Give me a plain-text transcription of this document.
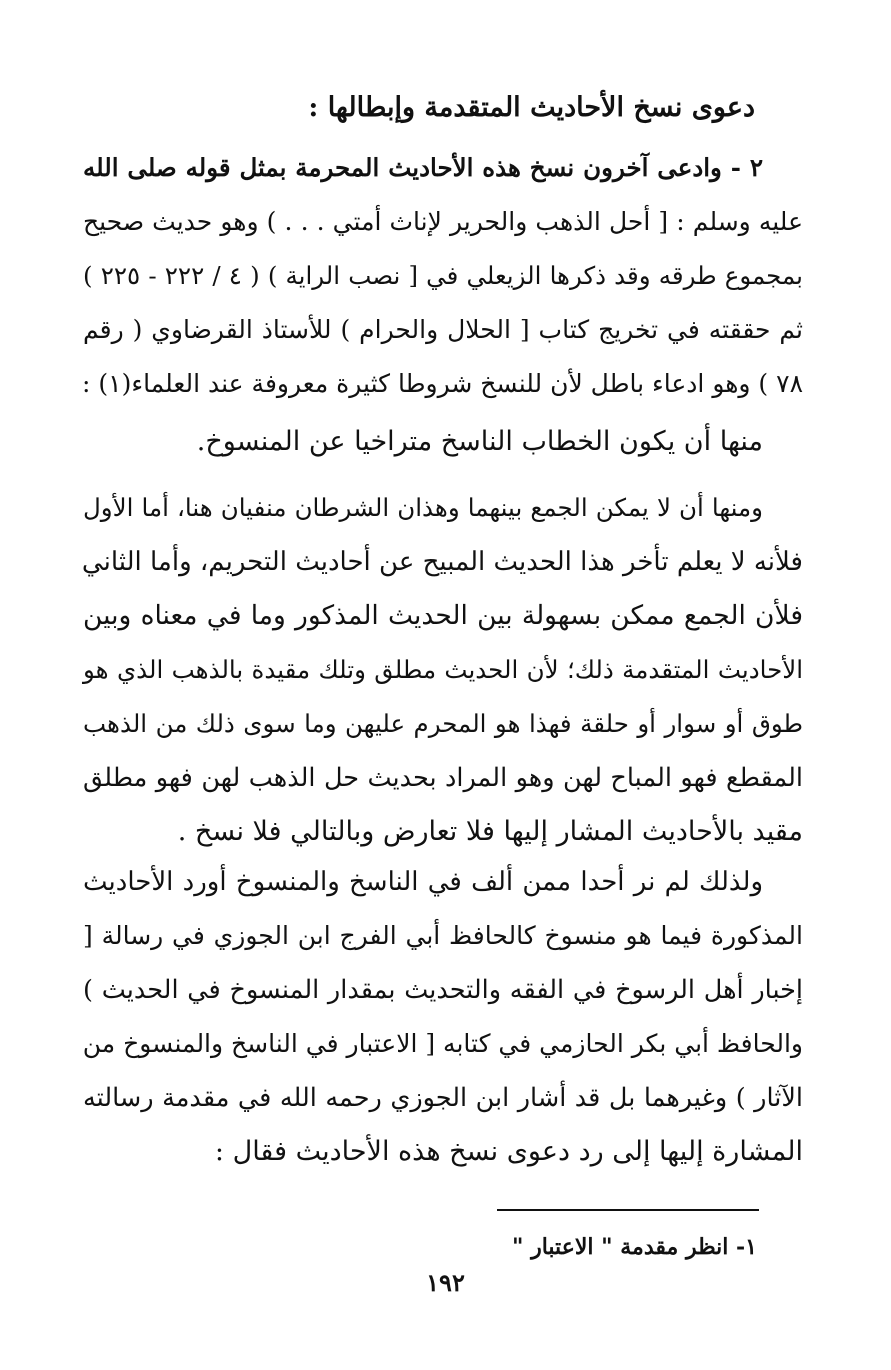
دعوى نسخ الأحاديث المتقدمة وإبطالها :
٢ - وادعى آخرون نسخ هذه الأحاديث المحرمة بمثل قوله صلى الله
عليه وسلم : [ أحل الذهب والحرير لإناث أمتي . . . ) وهو حديث صحيح
بمجموع طرقه وقد ذكرها الزيعلي في [ نصب الراية ) ( ٤ / ٢٢٢ - ٢٢٥ )
ثم حققته في تخريج كتاب [ الحلال والحرام ) للأستاذ القرضاوي ( رقم
٧٨ ) وهو ادعاء باطل لأن للنسخ شروطا كثيرة معروفة عند العلماء(١) :
منها أن يكون الخطاب الناسخ متراخيا عن المنسوخ.
ومنها أن لا يمكن الجمع بينهما وهذان الشرطان منفيان هنا، أما الأول
فلأنه لا يعلم تأخر هذا الحديث المبيح عن أحاديث التحريم، وأما الثاني
فلأن الجمع ممكن بسهولة بين الحديث المذكور وما في معناه وبين
الأحاديث المتقدمة ذلك؛ لأن الحديث مطلق وتلك مقيدة بالذهب الذي هو
طوق أو سوار أو حلقة فهذا هو المحرم عليهن وما سوى ذلك من الذهب
المقطع فهو المباح لهن وهو المراد بحديث حل الذهب لهن فهو مطلق
مقيد بالأحاديث المشار إليها فلا تعارض وبالتالي فلا نسخ .
ولذلك لم نر أحدا ممن ألف في الناسخ والمنسوخ أورد الأحاديث
المذكورة فيما هو منسوخ كالحافظ أبي الفرج ابن الجوزي في رسالة [
إخبار أهل الرسوخ في الفقه والتحديث بمقدار المنسوخ في الحديث )
والحافظ أبي بكر الحازمي في كتابه [ الاعتبار في الناسخ والمنسوخ من
الآثار ) وغيرهما بل قد أشار ابن الجوزي رحمه الله في مقدمة رسالته
المشارة إليها إلى رد دعوى نسخ هذه الأحاديث فقال :
١- انظر مقدمة " الاعتبار "
١٩٢
